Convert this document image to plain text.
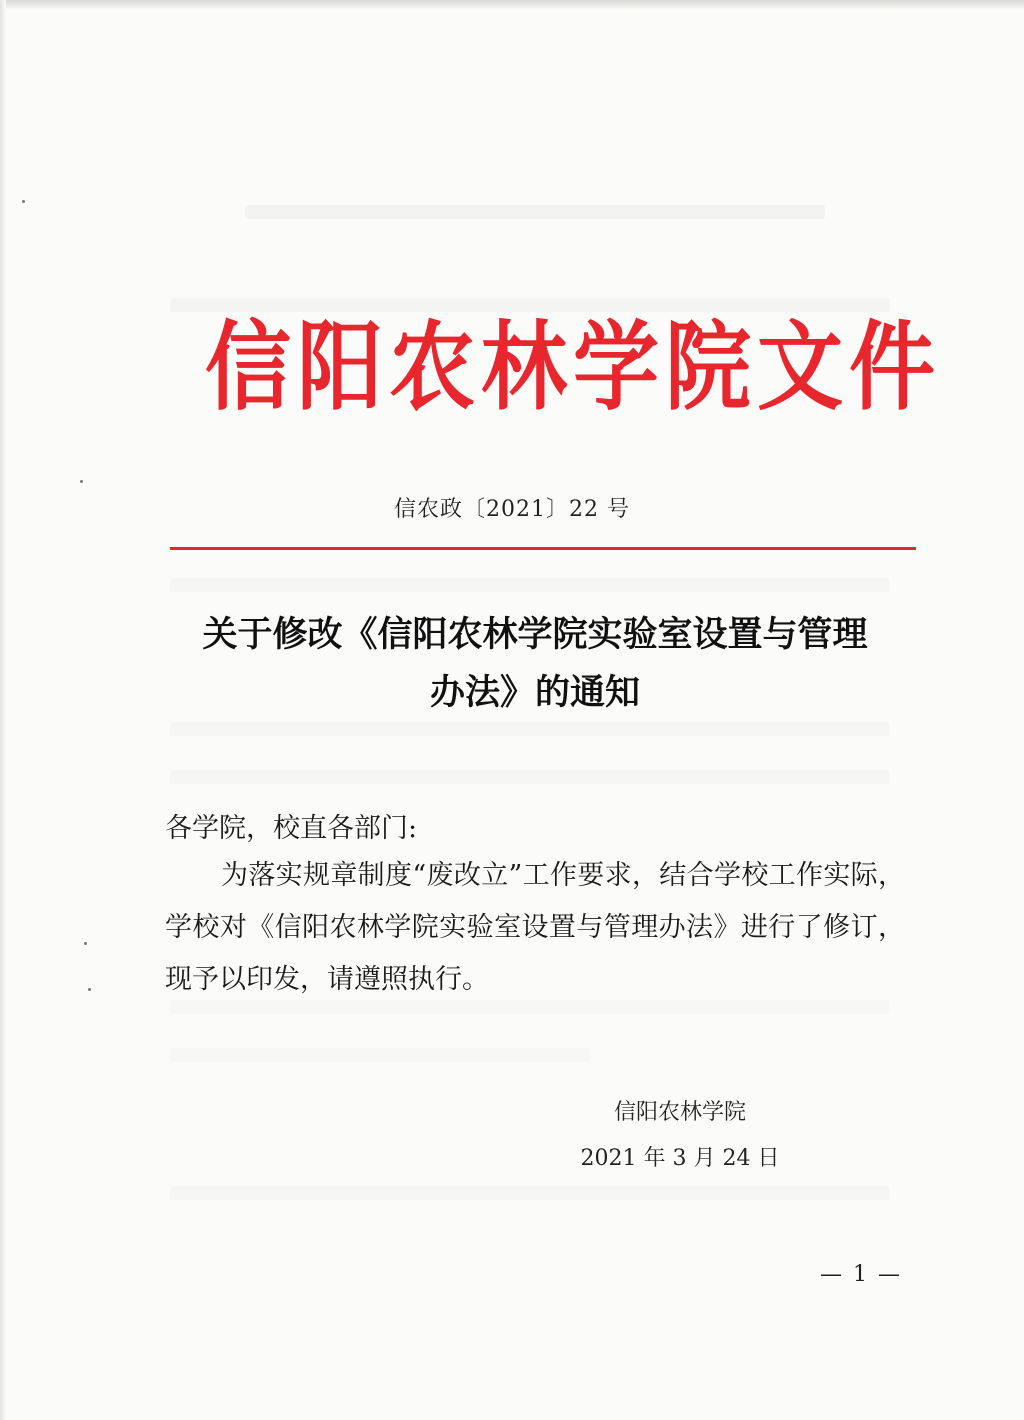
信阳农林学院文件
信农政〔2021〕22 号
关于修改《信阳农林学院实验室设置与管理
办法》的通知
各学院，校直各部门:

为落实规章制度“废改立”工作要求，结合学校工作实际，学校对《信阳农林学院实验室设置与管理办法》进行了修订，现予以印发，请遵照执行。

信阳农林学院
2021 年 3 月 24 日
— 1 —
